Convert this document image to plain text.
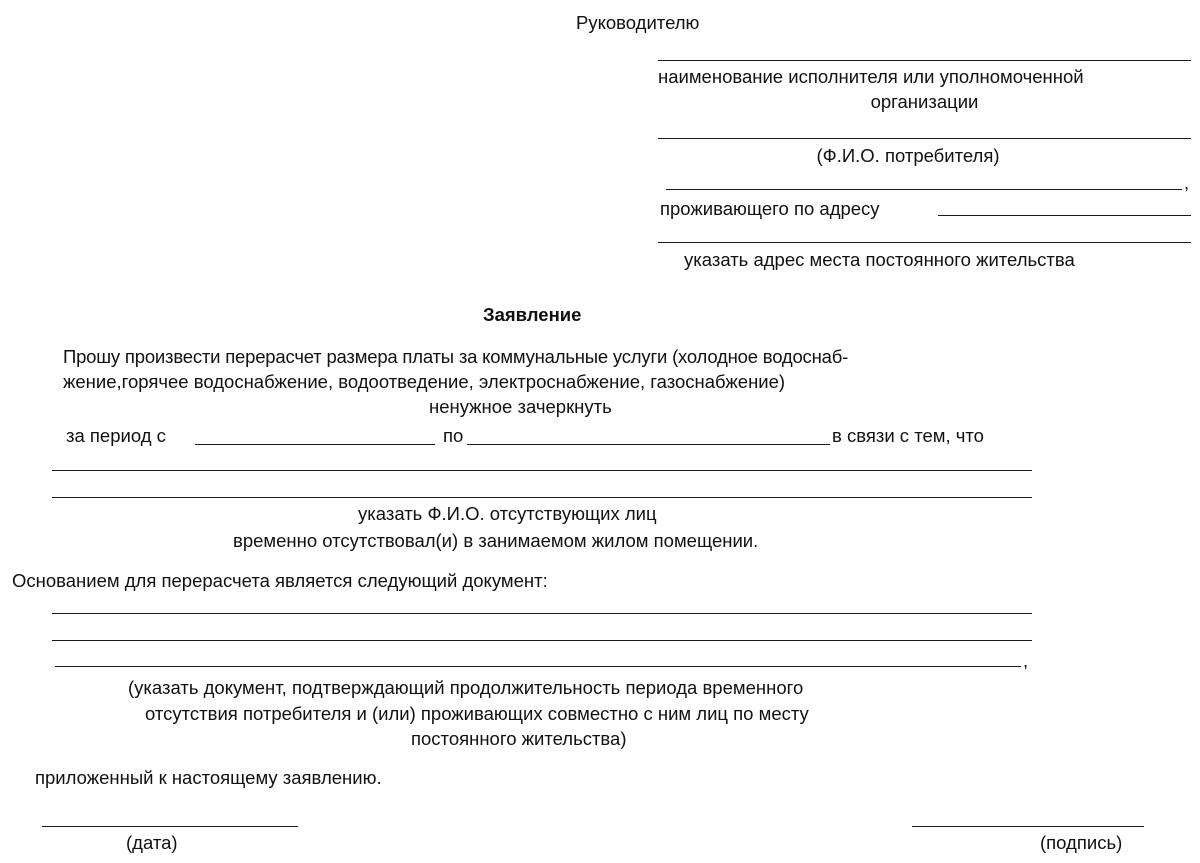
Руководителю
наименование исполнителя или уполномоченной
организации
(Ф.И.О. потребителя)
,
проживающего по адресу
указать адрес места постоянного жительства
Заявление
Прошу произвести перерасчет размера платы за коммунальные услуги (холодное водоснаб-
жение,горячее водоснабжение, водоотведение, электроснабжение, газоснабжение)
ненужное зачеркнуть
за период с	по	в связи с тем, что
указать Ф.И.О. отсутствующих лиц
временно отсутствовал(и) в занимаемом жилом помещении.
Основанием для перерасчета является следующий документ:
,
(указать документ, подтверждающий продолжительность периода временного
отсутствия потребителя и (или) проживающих совместно с ним лиц по месту
постоянного жительства)
приложенный к настоящему заявлению.
(дата)	(подпись)
